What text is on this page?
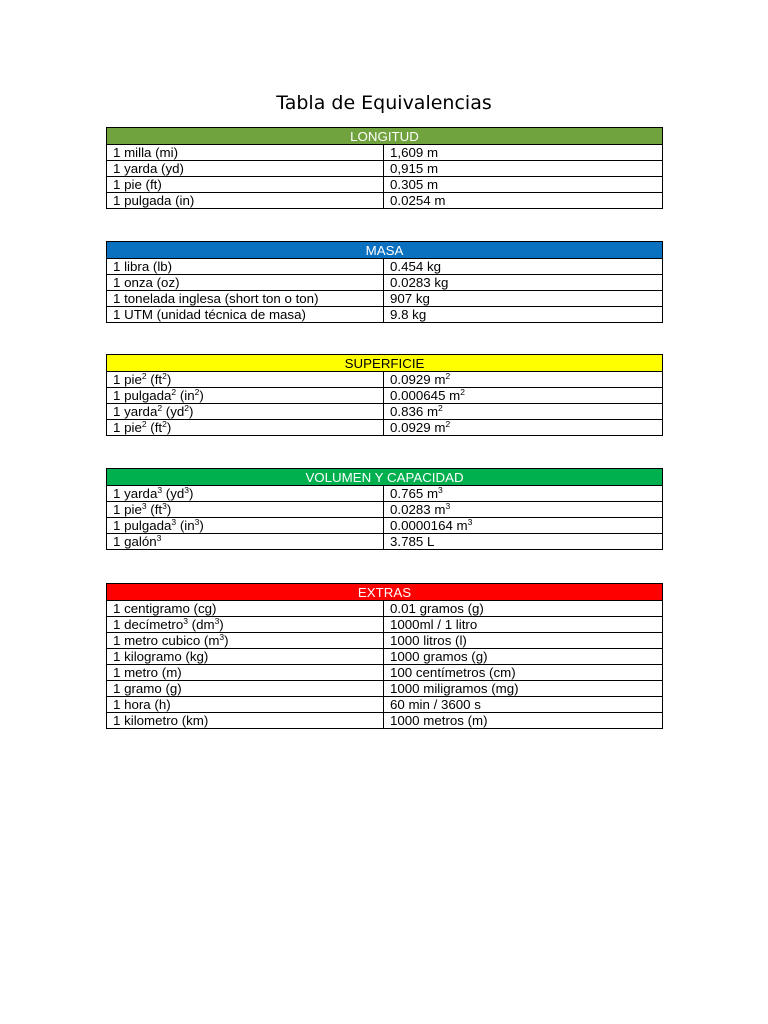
Tabla de Equivalencias
LONGITUD	
1 milla (mi)	1,609 m
1 yarda (yd)	0,915 m
1 pie (ft)	0.305 m
1 pulgada (in)	0.0254 m
MASA	
1 libra (lb)	0.454 kg
1 onza (oz)	0.0283 kg
1 tonelada inglesa (short ton o ton)	907 kg
1 UTM (unidad técnica de masa)	9.8 kg
SUPERFICIE	
1 pie$^2$ $(ft^2)$	0.0929 $m^2$
1 pulgada$^2$ $(in^2)$	0.000645 $m^2$
1 yarda$^2$ $(yd^2)$	0.836 $m^2$
1 pie$^2$ $(ft^2)$	0.0929 $m^2$
VOLUMEN Y CAPACIDAD	
1 yarda$^3$ $(yd^3)$	0.765 $m^3$
1 pie$^3$ $(ft^3)$	0.0283 $m^3$
1 pulgada$^3$ $(in^3)$	0.0000164 $m^3$
1 galón$^3$	3.785 L
EXTRAS	
1 centigramo (cg)	0.01 gramos (g)
1 decímetro$^3$ $(dm^3)$	1000ml / 1 litro
1 metro cubico $(m^3)$	1000 litros (l)
1 kilogramo (kg)	1000 gramos (g)
1 metro (m)	100 centímetros (cm)
1 gramo (g)	1000 miligramos (mg)
1 hora (h)	60 min / 3600 s
1 kilometro (km)	1000 metros (m)
